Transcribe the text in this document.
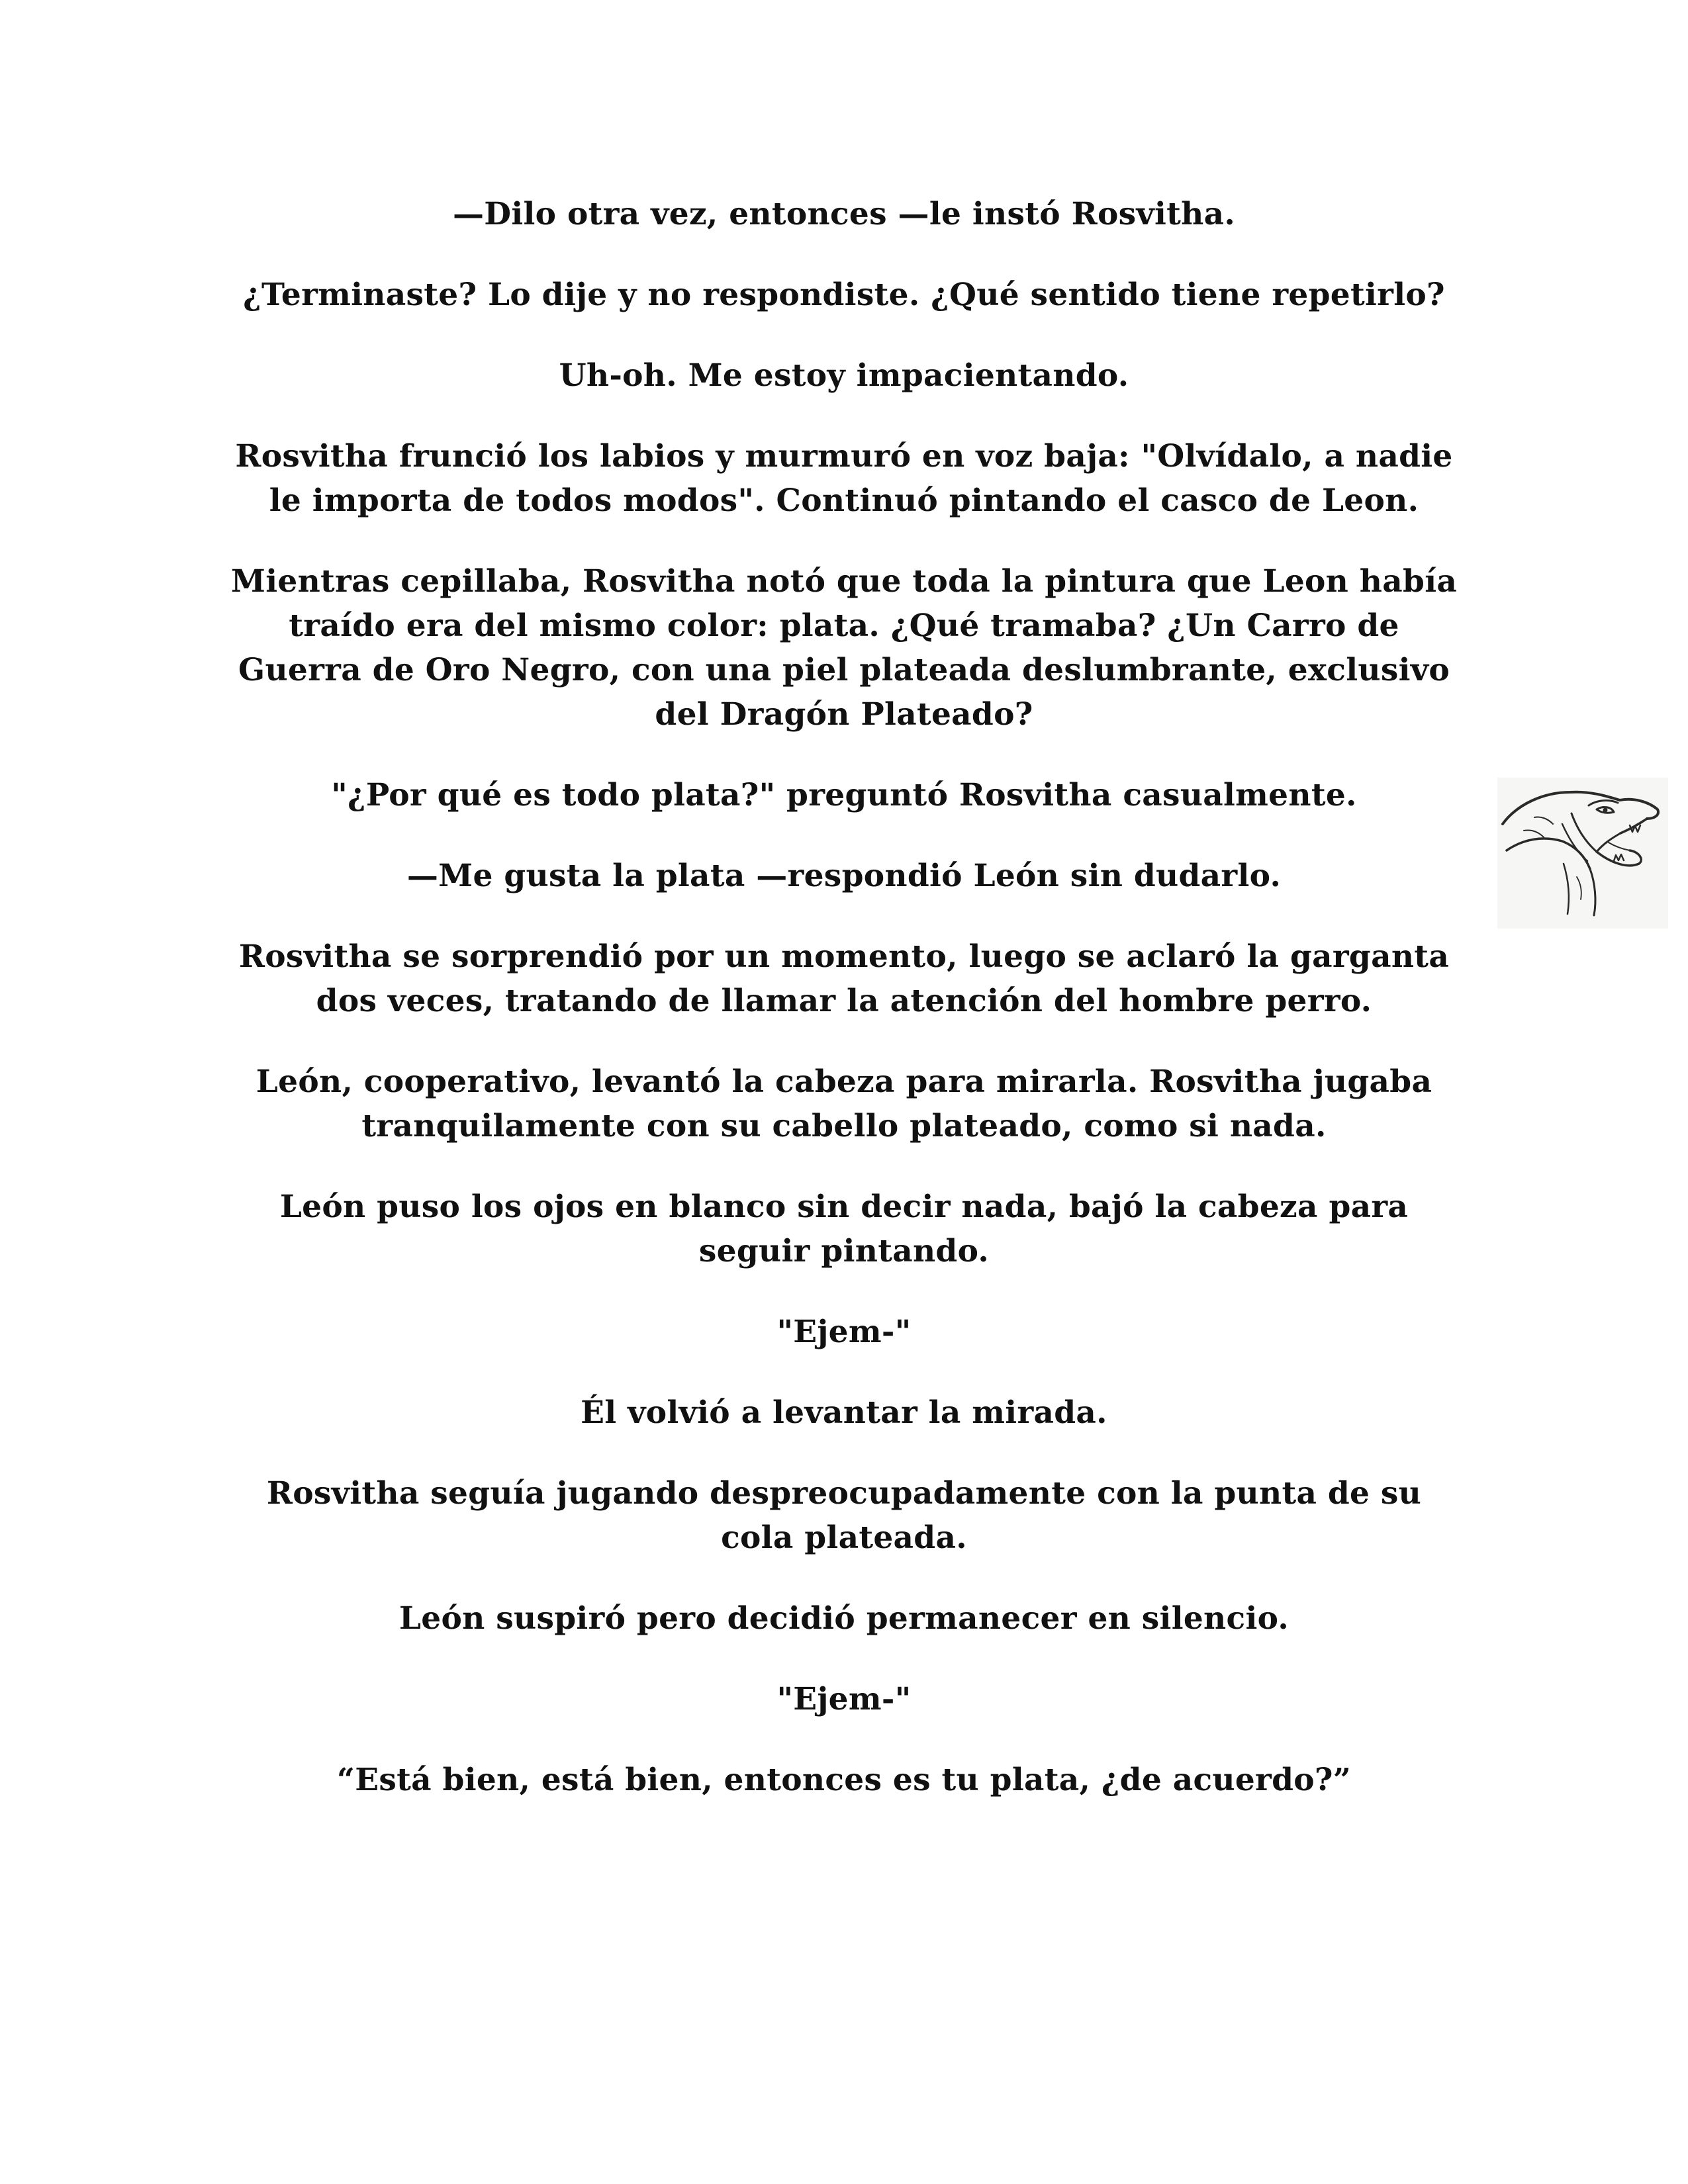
—Dilo otra vez, entonces —le instó Rosvitha.

¿Terminaste? Lo dije y no respondiste. ¿Qué sentido tiene repetirlo?

Uh-oh. Me estoy impacientando.

Rosvitha frunció los labios y murmuró en voz baja: "Olvídalo, a nadie le importa de todos modos". Continuó pintando el casco de Leon.

Mientras cepillaba, Rosvitha notó que toda la pintura que Leon había traído era del mismo color: plata. ¿Qué tramaba? ¿Un Carro de Guerra de Oro Negro, con una piel plateada deslumbrante, exclusivo del Dragón Plateado?

"¿Por qué es todo plata?" preguntó Rosvitha casualmente.

—Me gusta la plata —respondió León sin dudarlo.

Rosvitha se sorprendió por un momento, luego se aclaró la garganta dos veces, tratando de llamar la atención del hombre perro.

León, cooperativo, levantó la cabeza para mirarla. Rosvitha jugaba tranquilamente con su cabello plateado, como si nada.

León puso los ojos en blanco sin decir nada, bajó la cabeza para seguir pintando.

"Ejem-"

Él volvió a levantar la mirada.

Rosvitha seguía jugando despreocupadamente con la punta de su cola plateada.

León suspiró pero decidió permanecer en silencio.

"Ejem-"

“Está bien, está bien, entonces es tu plata, ¿de acuerdo?”
